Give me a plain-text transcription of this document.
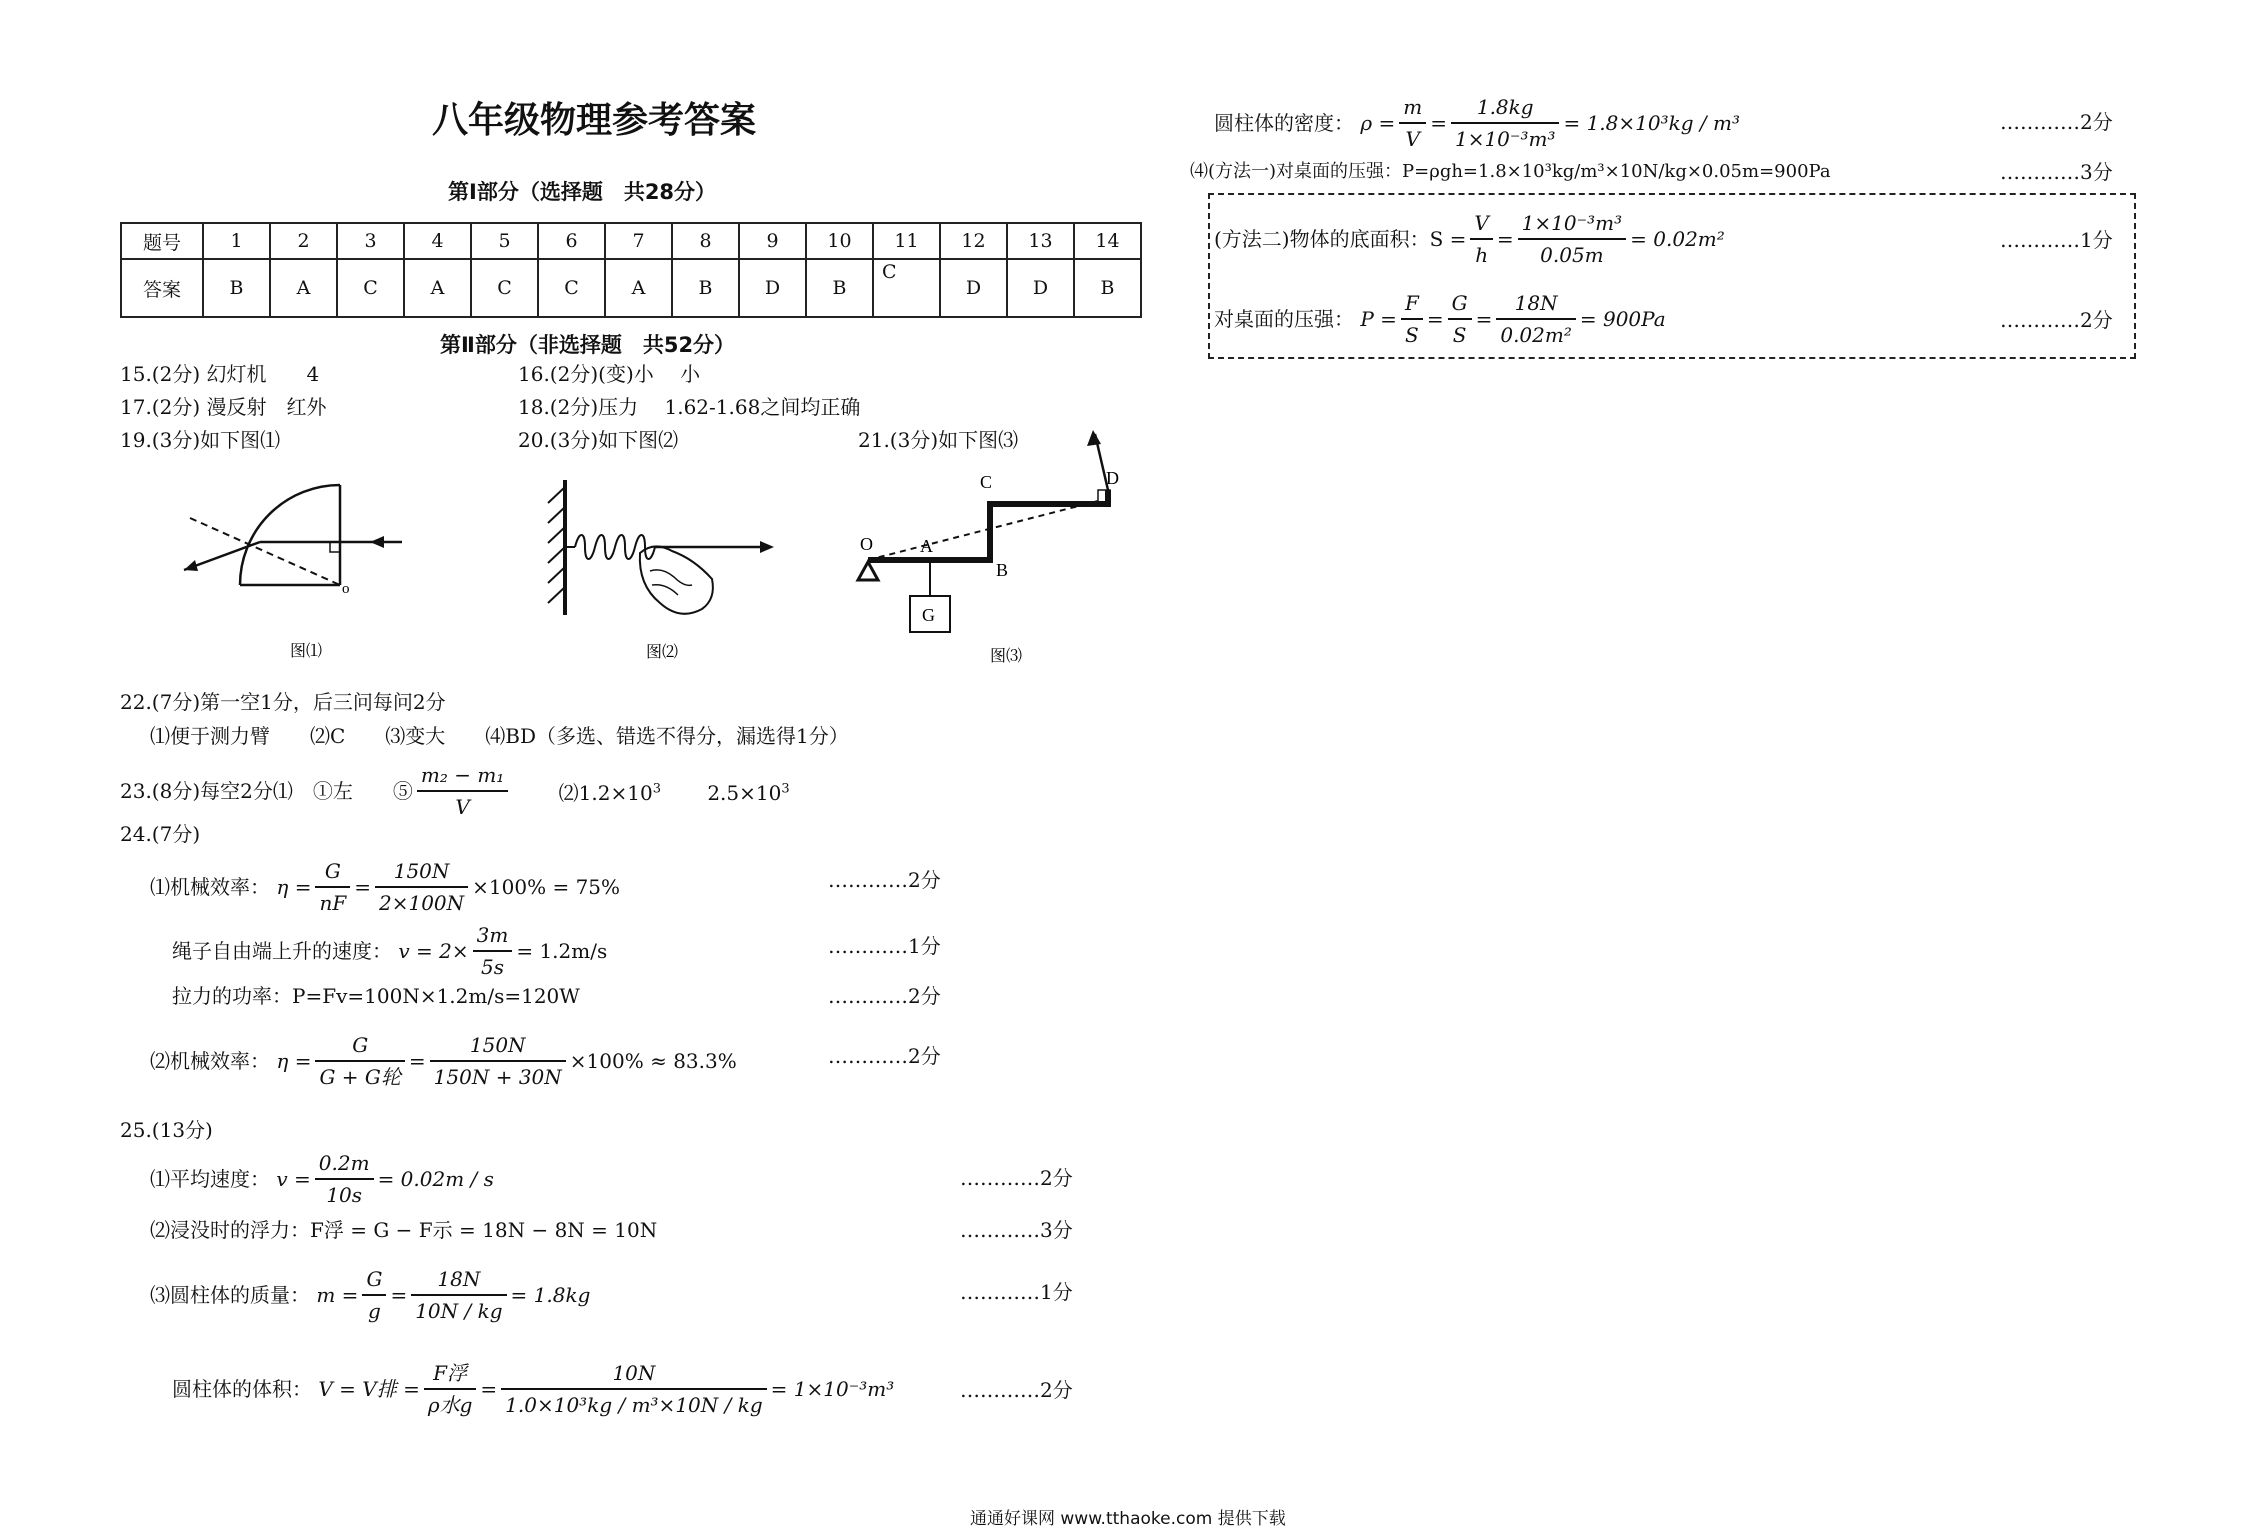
八年级物理参考答案
第Ⅰ部分（选择题　共28分）
题号	1	2	3	4	5	6	7	8	9	10	11	12	13	14
答案	B	A	C	A	C	C	A	B	D	B	C	D	D	B
第Ⅱ部分（非选择题　共52分）
15.(2分) 幻灯机　　4	16.(2分)(变)小　 小
17.(2分) 漫反射　红外	18.(2分)压力　 1.62-1.68之间均正确
19.(3分)如下图⑴	20.(3分)如下图⑵	21.(3分)如下图⑶
o
图⑴	图⑵
G
O	A
B
C	D
图⑶
22.(7分)第一空1分，后三问每问2分
⑴便于测力臂　　⑵C　　⑶变大　　⑷BD（多选、错选不得分，漏选得1分）
23.(8分)每空2分⑴　①左　　⑤ $\frac{\text{m₂ − m₁}}{V}$	$⑵1.2\times 10^3$ $2.5\times 10^3$
24.(7分)
⑴机械效率： $\eta = \frac{G}{nF} = \frac{150N}{2\times 100N} \times 100\% = 75\%$	…………2分
绳子自由端上升的速度： $v = 2\times \frac{3m}{5s} = 1.2m/s$	…………1分
拉力的功率：P=Fv=100N×1.2m/s=120W	…………2分
⑵机械效率： $\eta = \frac{G}{\text{G + G轮}} = \frac{150N}{150N + 30N} \times 100\% \approx 83.3\%$	…………2分
25.(13分)
⑴平均速度： $v = \frac{0.2m}{10s} = 0.02m / s$	…………2分
⑵浸没时的浮力：F浮 = G − F示 = 18N − 8N = 10N	…………3分
⑶圆柱体的质量： $m = \frac{G}{g} = \frac{18N}{10N / kg} = 1.8kg$	…………1分
圆柱体的体积： V = V排 = $\frac{\text{F浮}}{\text{ρ水g}} = \frac{10N}{\text{1.0×10³kg / m³×10N / kg}} = 1\times 10^{-3}m^3$	…………2分
圆柱体的密度： $\rho = \frac{m}{V} = \frac{1.8kg}{\text{1×10⁻³m³}} = 1.8\times 10^3kg / m^3$	…………2分
⑷(方法一)对桌面的压强：P=ρgh=1.8×10³kg/m³×10N/kg×0.05m=900Pa	…………3分
(方法二)物体的底面积：$S = \frac{V}{h} = \frac{\text{1×10⁻³m³}}{0.05m} = 0.02m^2$	…………1分
对桌面的压强： $P = \frac{F}{S} = \frac{G}{S} = \frac{18N}{\text{0.02m²}} = 900Pa$	…………2分
通通好课网 www.tthaoke.com 提供下载
